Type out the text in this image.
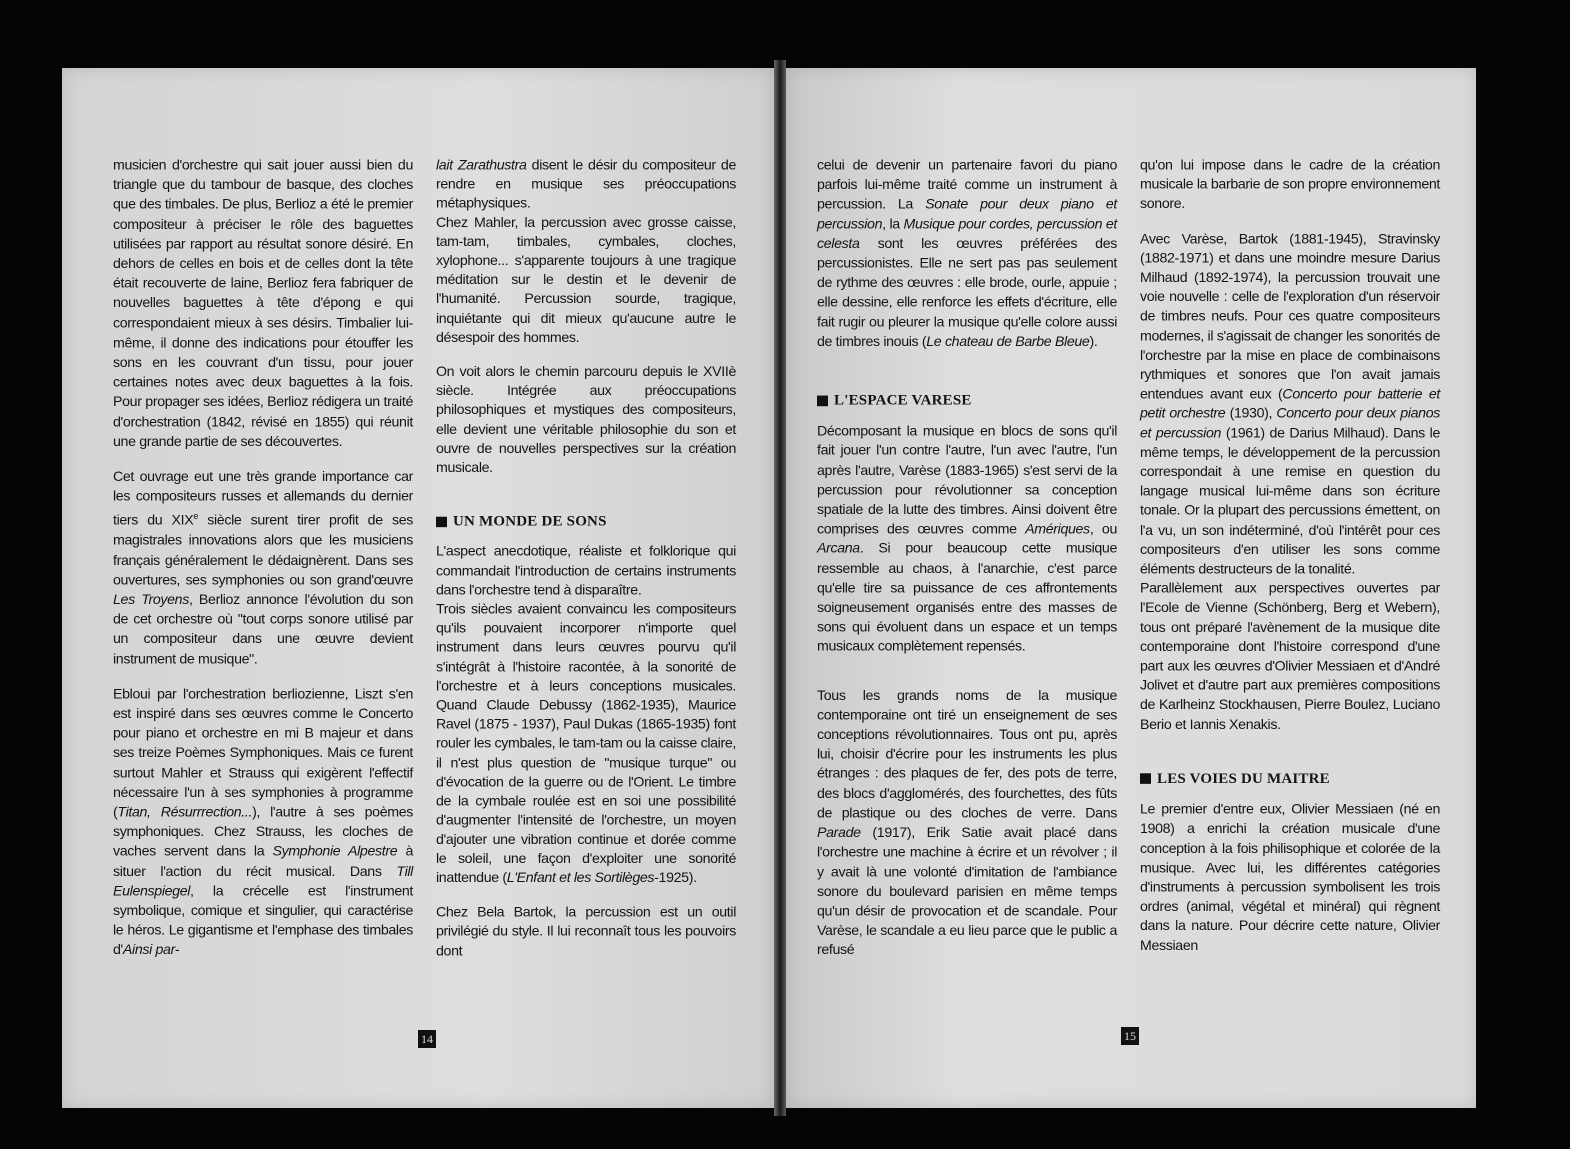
musicien d'orchestre qui sait jouer aussi bien du triangle que du tambour de basque, des cloches que des timbales. De plus, Berlioz a été le premier compositeur à préciser le rôle des baguettes utilisées par rapport au résultat sonore désiré. En dehors de celles en bois et de celles dont la tête était recouverte de laine, Berlioz fera fabriquer de nouvelles baguettes à tête d'épong e qui correspondaient mieux à ses désirs. Timbalier lui-même, il donne des indications pour étouffer les sons en les couvrant d'un tissu, pour jouer certaines notes avec deux baguettes à la fois. Pour propager ses idées, Berlioz rédigera un traité d'orchestration (1842, révisé en 1855) qui réunit une grande partie de ses découvertes.

Cet ouvrage eut une très grande importance car les compositeurs russes et allemands du dernier tiers du XIXe siècle surent tirer profit de ses magistrales innovations alors que les musiciens français généralement le dédaignèrent. Dans ses ouvertures, ses symphonies ou son grand'œuvre Les Troyens, Berlioz annonce l'évolution du son de cet orchestre où "tout corps sonore utilisé par un compositeur dans une œuvre devient instrument de musique".

Ebloui par l'orchestration berliozienne, Liszt s'en est inspiré dans ses œuvres comme le Concerto pour piano et orchestre en mi B majeur et dans ses treize Poèmes Symphoniques. Mais ce furent surtout Mahler et Strauss qui exigèrent l'effectif nécessaire l'un à ses symphonies à programme (Titan, Résurrrection...), l'autre à ses poèmes symphoniques. Chez Strauss, les cloches de vaches servent dans la Symphonie Alpestre à situer l'action du récit musical. Dans Till Eulenspiegel, la crécelle est l'instrument symbolique, comique et singulier, qui caractérise le héros. Le gigantisme et l'emphase des timbales d'Ainsi par-

lait Zarathustra disent le désir du compositeur de rendre en musique ses préoccupations métaphysiques.

Chez Mahler, la percussion avec grosse caisse, tam-tam, timbales, cymbales, cloches, xylophone... s'apparente toujours à une tragique méditation sur le destin et le devenir de l'humanité. Percussion sourde, tragique, inquiétante qui dit mieux qu'aucune autre le désespoir des hommes.

On voit alors le chemin parcouru depuis le XVIIè siècle. Intégrée aux préoccupations philosophiques et mystiques des compositeurs, elle devient une véritable philosophie du son et ouvre de nouvelles perspectives sur la création musicale.

UN MONDE DE SONS

L'aspect anecdotique, réaliste et folklorique qui commandait l'introduction de certains instruments dans l'orchestre tend à disparaître.

Trois siècles avaient convaincu les compositeurs qu'ils pouvaient incorporer n'importe quel instrument dans leurs œuvres pourvu qu'il s'intégrât à l'histoire racontée, à la sonorité de l'orchestre et à leurs conceptions musicales. Quand Claude Debussy (1862-1935), Maurice Ravel (1875 - 1937), Paul Dukas (1865-1935) font rouler les cymbales, le tam-tam ou la caisse claire, il n'est plus question de "musique turque" ou d'évocation de la guerre ou de l'Orient. Le timbre de la cymbale roulée est en soi une possibilité d'augmenter l'intensité de l'orchestre, un moyen d'ajouter une vibration continue et dorée comme le soleil, une façon d'exploiter une sonorité inattendue (L'Enfant et les Sortilèges-1925).

Chez Bela Bartok, la percussion est un outil privilégié du style. Il lui reconnaît tous les pouvoirs dont

celui de devenir un partenaire favori du piano parfois lui-même traité comme un instrument à percussion. La Sonate pour deux piano et percussion, la Musique pour cordes, percussion et celesta sont les œuvres préférées des percussionistes. Elle ne sert pas pas seulement de rythme des œuvres : elle brode, ourle, appuie ; elle dessine, elle renforce les effets d'écriture, elle fait rugir ou pleurer la musique qu'elle colore aussi de timbres inouis (Le chateau de Barbe Bleue).

L'ESPACE VARESE

Décomposant la musique en blocs de sons qu'il fait jouer l'un contre l'autre, l'un avec l'autre, l'un après l'autre, Varèse (1883-1965) s'est servi de la percussion pour révolutionner sa conception spatiale de la lutte des timbres. Ainsi doivent être comprises des œuvres comme Amériques, ou Arcana. Si pour beaucoup cette musique ressemble au chaos, à l'anarchie, c'est parce qu'elle tire sa puissance de ces affrontements soigneusement organisés entre des masses de sons qui évoluent dans un espace et un temps musicaux complètement repensés.

Tous les grands noms de la musique contemporaine ont tiré un enseignement de ses conceptions révolutionnaires. Tous ont pu, après lui, choisir d'écrire pour les instruments les plus étranges : des plaques de fer, des pots de terre, des blocs d'agglomérés, des fourchettes, des fûts de plastique ou des cloches de verre. Dans Parade (1917), Erik Satie avait placé dans l'orchestre une machine à écrire et un révolver ; il y avait là une volonté d'imitation de l'ambiance sonore du boulevard parisien en même temps qu'un désir de provocation et de scandale. Pour Varèse, le scandale a eu lieu parce que le public a refusé

qu'on lui impose dans le cadre de la création musicale la barbarie de son propre environnement sonore.

Avec Varèse, Bartok (1881-1945), Stravinsky (1882-1971) et dans une moindre mesure Darius Milhaud (1892-1974), la percussion trouvait une voie nouvelle : celle de l'exploration d'un réservoir de timbres neufs. Pour ces quatre compositeurs modernes, il s'agissait de changer les sonorités de l'orchestre par la mise en place de combinaisons rythmiques et sonores que l'on avait jamais entendues avant eux (Concerto pour batterie et petit orchestre (1930), Concerto pour deux pianos et percussion (1961) de Darius Milhaud). Dans le même temps, le développement de la percussion correspondait à une remise en question du langage musical lui-même dans son écriture tonale. Or la plupart des percussions émettent, on l'a vu, un son indéterminé, d'où l'intérêt pour ces compositeurs d'en utiliser les sons comme éléments destructeurs de la tonalité.

Parallèlement aux perspectives ouvertes par l'Ecole de Vienne (Schönberg, Berg et Webern), tous ont préparé l'avènement de la musique dite contemporaine dont l'histoire correspond d'une part aux les œuvres d'Olivier Messiaen et d'André Jolivet et d'autre part aux premières compositions de Karlheinz Stockhausen, Pierre Boulez, Luciano Berio et Iannis Xenakis.

LES VOIES DU MAITRE

Le premier d'entre eux, Olivier Messiaen (né en 1908) a enrichi la création musicale d'une conception à la fois philisophique et colorée de la musique. Avec lui, les différentes catégories d'instruments à percussion symbolisent les trois ordres (animal, végétal et minéral) qui règnent dans la nature. Pour décrire cette nature, Olivier Messiaen

14	15
